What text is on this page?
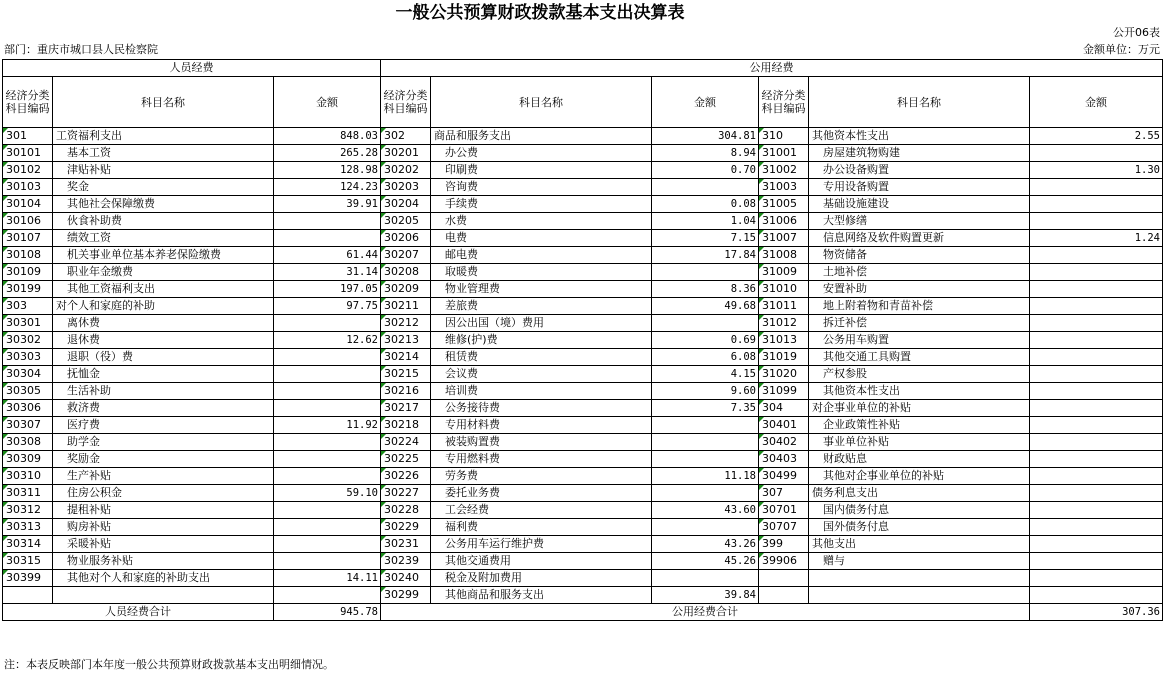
一般公共预算财政拨款基本支出决算表
公开06表
部门：重庆市城口县人民检察院	金额单位：万元
人员经费			公用经费					
经济分类科目编码	科目名称	金额	经济分类科目编码	科目名称	金额	经济分类科目编码	科目名称	金额
301	工资福利支出	848.03	302	商品和服务支出	304.81	310	其他资本性支出	2.55
30101	基本工资	265.28	30201	办公费	8.94	31001	房屋建筑物购建	
30102	津贴补贴	128.98	30202	印刷费	0.70	31002	办公设备购置	1.30
30103	奖金	124.23	30203	咨询费		31003	专用设备购置	
30104	其他社会保障缴费	39.91	30204	手续费	0.08	31005	基础设施建设	
30106	伙食补助费		30205	水费	1.04	31006	大型修缮	
30107	绩效工资		30206	电费	7.15	31007	信息网络及软件购置更新	1.24
30108	机关事业单位基本养老保险缴费	61.44	30207	邮电费	17.84	31008	物资储备	
30109	职业年金缴费	31.14	30208	取暖费		31009	土地补偿	
30199	其他工资福利支出	197.05	30209	物业管理费	8.36	31010	安置补助	
303	对个人和家庭的补助	97.75	30211	差旅费	49.68	31011	地上附着物和青苗补偿	
30301	离休费		30212	因公出国（境）费用		31012	拆迁补偿	
30302	退休费	12.62	30213	维修(护)费	0.69	31013	公务用车购置	
30303	退职（役）费		30214	租赁费	6.08	31019	其他交通工具购置	
30304	抚恤金		30215	会议费	4.15	31020	产权参股	
30305	生活补助		30216	培训费	9.60	31099	其他资本性支出	
30306	救济费		30217	公务接待费	7.35	304	对企事业单位的补贴	
30307	医疗费	11.92	30218	专用材料费		30401	企业政策性补贴	
30308	助学金		30224	被装购置费		30402	事业单位补贴	
30309	奖励金		30225	专用燃料费		30403	财政贴息	
30310	生产补贴		30226	劳务费	11.18	30499	其他对企事业单位的补贴	
30311	住房公积金	59.10	30227	委托业务费		307	债务利息支出	
30312	提租补贴		30228	工会经费	43.60	30701	国内债务付息	
30313	购房补贴		30229	福利费		30707	国外债务付息	
30314	采暖补贴		30231	公务用车运行维护费	43.26	399	其他支出	
30315	物业服务补贴		30239	其他交通费用	45.26	39906	赠与	
30399	其他对个人和家庭的补助支出	14.11	30240	税金及附加费用				
			30299	其他商品和服务支出	39.84			
人员经费合计		945.78	公用经费合计					307.36
注：本表反映部门本年度一般公共预算财政拨款基本支出明细情况。
